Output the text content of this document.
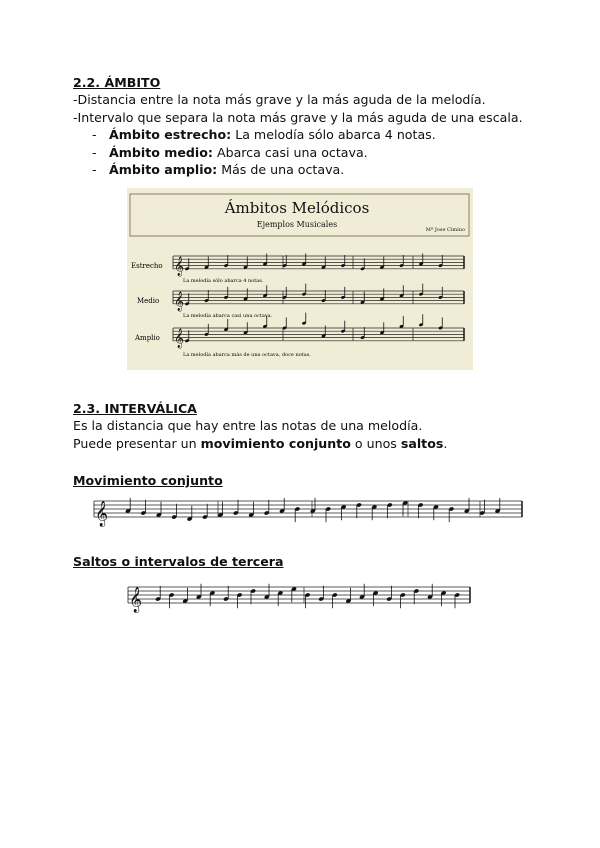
2.2. ÁMBITO
-Distancia entre la nota más grave y la más aguda de la melodía.
-Intervalo que separa la nota más grave y la más aguda de una escala.
- Ámbito estrecho: La melodía sólo abarca 4 notas.
- Ámbito medio: Abarca casi una octava.
- Ámbito amplio: Más de una octava.
Ámbitos Melódicos
Ejemplos Musicales
Mª Jose Cimino
Estrecho
Medio
Amplio
La melodía sólo abarca 4 notas.
La melodía abarca casi una octava.
La melodía abarca más de una octava, doce notas.
𝄞
𝄞
𝄞
2.3. INTERVÁLICA
Es la distancia que hay entre las notas de una melodía.
Puede presentar un movimiento conjunto o unos saltos.
Movimiento conjunto
𝄞
Saltos o intervalos de tercera
𝄞
